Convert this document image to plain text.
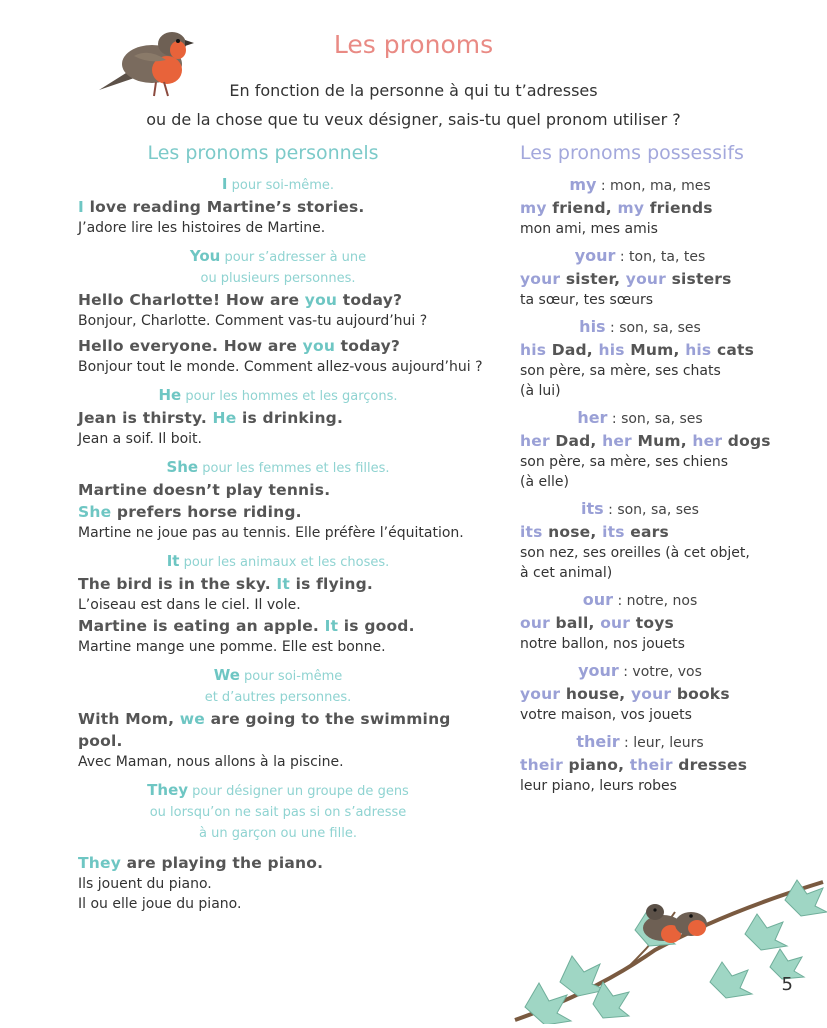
Les pronoms
En fonction de la personne à qui tu t’adresses
ou de la chose que tu veux désigner, sais-tu quel pronom utiliser ?
Les pronoms personnels
I pour soi-même.
I love reading Martine’s stories.
J’adore lire les histoires de Martine.
You pour s’adresser à une
ou plusieurs personnes.
Hello Charlotte! How are you today?
Bonjour, Charlotte. Comment vas-tu aujourd’hui ?
Hello everyone. How are you today?
Bonjour tout le monde. Comment allez-vous aujourd’hui ?
He pour les hommes et les garçons.
Jean is thirsty. He is drinking.
Jean a soif. Il boit.
She pour les femmes et les filles.
Martine doesn’t play tennis.
She prefers horse riding.
Martine ne joue pas au tennis. Elle préfère l’équitation.
It pour les animaux et les choses.
The bird is in the sky. It is flying.
L’oiseau est dans le ciel. Il vole.
Martine is eating an apple. It is good.
Martine mange une pomme. Elle est bonne.
We pour soi-même
et d’autres personnes.
With Mom, we are going to the swimming pool.
Avec Maman, nous allons à la piscine.
They pour désigner un groupe de gens
ou lorsqu’on ne sait pas si on s’adresse
à un garçon ou une fille.
They are playing the piano.
Ils jouent du piano.
Il ou elle joue du piano.
Les pronoms possessifs
my : mon, ma, mes
my friend, my friends
mon ami, mes amis
your : ton, ta, tes
your sister, your sisters
ta sœur, tes sœurs
his : son, sa, ses
his Dad, his Mum, his cats
son père, sa mère, ses chats
(à lui)
her : son, sa, ses
her Dad, her Mum, her dogs
son père, sa mère, ses chiens
(à elle)
its : son, sa, ses
its nose, its ears
son nez, ses oreilles (à cet objet,
à cet animal)
our : notre, nos
our ball, our toys
notre ballon, nos jouets
your : votre, vos
your house, your books
votre maison, vos jouets
their : leur, leurs
their piano, their dresses
leur piano, leurs robes
5
